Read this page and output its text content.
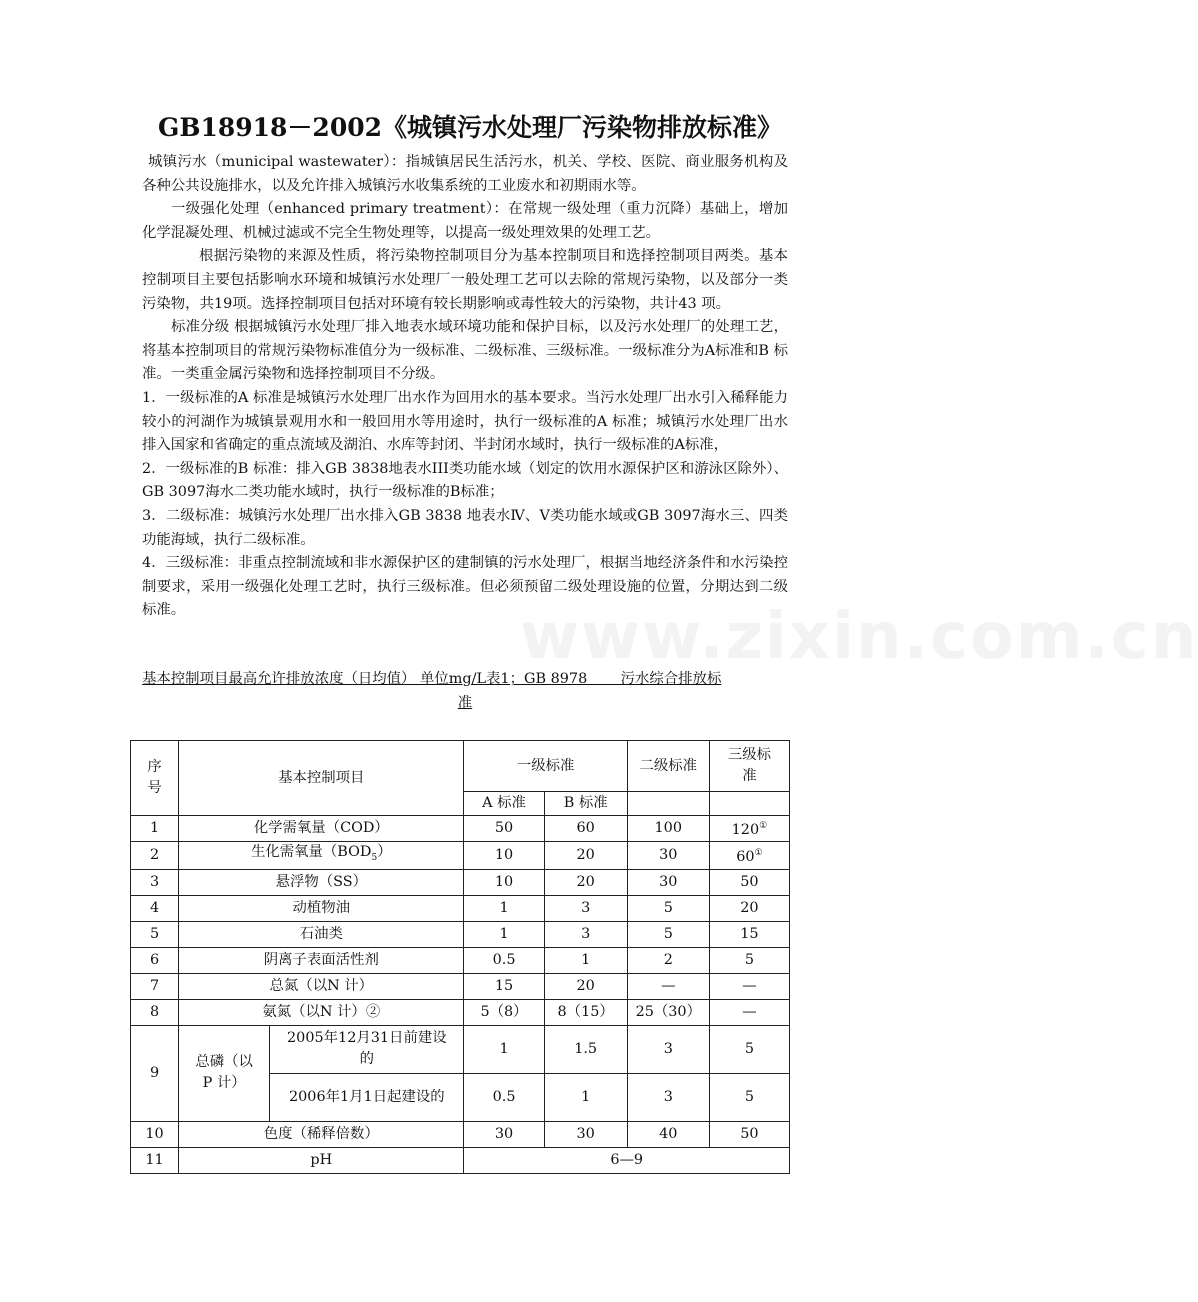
www.zixin.com.cn
GB18918－2002《城镇污水处理厂污染物排放标准》

城镇污水（municipal wastewater）：指城镇居民生活污水，机关、学校、医院、商业服务机构及各种公共设施排水，以及允许排入城镇污水收集系统的工业废水和初期雨水等。

一级强化处理（enhanced primary treatment）：在常规一级处理（重力沉降）基础上，增加化学混凝处理、机械过滤或不完全生物处理等，以提高一级处理效果的处理工艺。

根据污染物的来源及性质，将污染物控制项目分为基本控制项目和选择控制项目两类。基本控制项目主要包括影响水环境和城镇污水处理厂一般处理工艺可以去除的常规污染物，以及部分一类污染物，共19项。选择控制项目包括对环境有较长期影响或毒性较大的污染物，共计43 项。

标准分级 根据城镇污水处理厂排入地表水域环境功能和保护目标，以及污水处理厂的处理工艺，将基本控制项目的常规污染物标准值分为一级标准、二级标准、三级标准。一级标准分为A标准和B 标准。一类重金属污染物和选择控制项目不分级。

1．一级标准的A 标准是城镇污水处理厂出水作为回用水的基本要求。当污水处理厂出水引入稀释能力较小的河湖作为城镇景观用水和一般回用水等用途时，执行一级标准的A 标准；城镇污水处理厂出水排入国家和省确定的重点流域及湖泊、水库等封闭、半封闭水域时，执行一级标准的A标准，

2．一级标准的B 标准：排入GB 3838地表水III类功能水域（划定的饮用水源保护区和游泳区除外）、GB 3097海水二类功能水域时，执行一级标准的B标准；

3．二级标准：城镇污水处理厂出水排入GB 3838 地表水Ⅳ、Ⅴ类功能水域或GB 3097海水三、四类功能海域，执行二级标准。

4．三级标准：非重点控制流域和非水源保护区的建制镇的污水处理厂，根据当地经济条件和水污染控制要求，采用一级强化处理工艺时，执行三级标准。但必须预留二级处理设施的位置，分期达到二级标准。

基本控制项目最高允许排放浓度（日均值） 单位mg/L表1；GB 8978　　 污水综合排放标
准
序号	基本控制项目		一级标准		二级标准	三级标准
			A 标准	B 标准		
1	化学需氧量（COD）		50	60	100	120①
2	生化需氧量$(BOD_5)$		10	20	30	60①
3	悬浮物（SS）		10	20	30	50
4	动植物油		1	3	5	20
5	石油类		1	3	5	15
6	阴离子表面活性剂		0.5	1	2	5
7	总氮（以N 计）		15	20	—	—
8	氨氮（以N 计）②		5（8）	8（15）	25（30）	—
9	总磷（以P 计）	2005年12月31日前建设的	1	1.5	3	5
		2006年1月1日起建设的	0.5	1	3	5
10	色度（稀释倍数）		30	30	40	50
11	pH		6—9			
